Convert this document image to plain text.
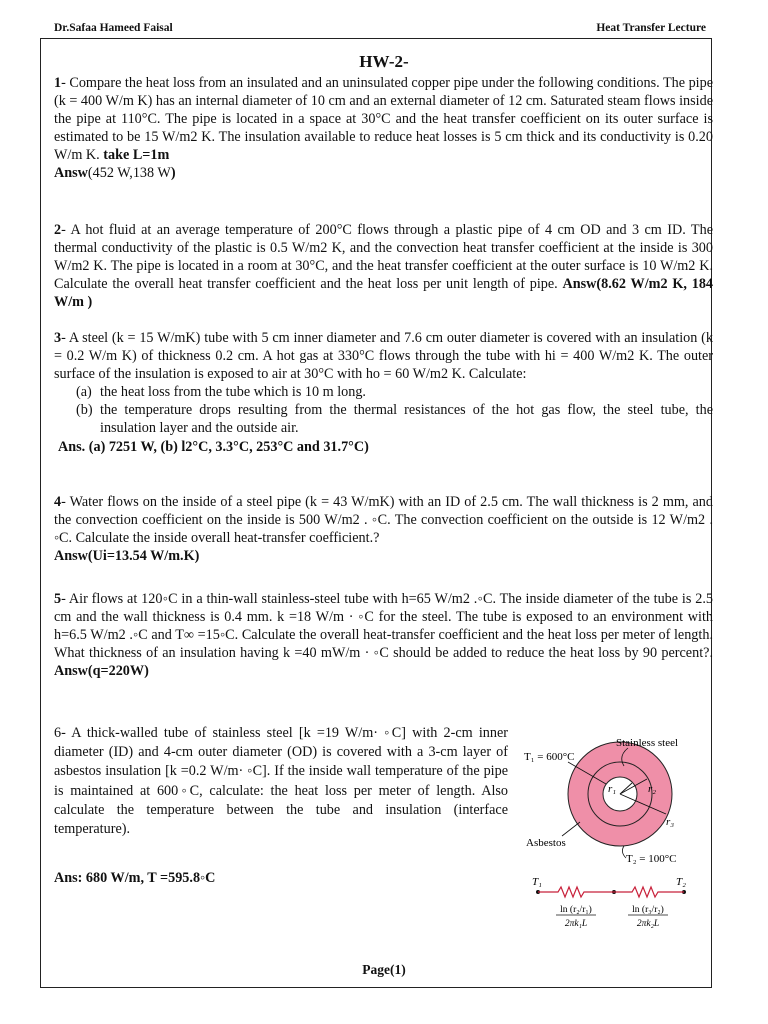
Dr.Safaa Hameed Faisal	Heat Transfer Lecture
HW-2-

1- Compare the heat loss from an insulated and an uninsulated copper pipe under the following conditions. The pipe (k = 400 W/m K) has an internal diameter of 10 cm and an external diameter of 12 cm. Saturated steam flows inside the pipe at 110°C. The pipe is located in a space at 30°C and the heat transfer coefficient on its outer surface is estimated to be 15 W/m2 K. The insulation available to reduce heat losses is 5 cm thick and its conductivity is 0.20 W/m K. take L=1m

Answ(452 W,138 W)

2- A hot fluid at an average temperature of 200°C flows through a plastic pipe of 4 cm OD and 3 cm ID. The thermal conductivity of the plastic is 0.5 W/m2 K, and the convection heat transfer coefficient at the inside is 300 W/m2 K. The pipe is located in a room at 30°C, and the heat transfer coefficient at the outer surface is 10 W/m2 K. Calculate the overall heat transfer coefficient and the heat loss per unit length of pipe. Answ(8.62 W/m2 K, 184 W/m )

3- A steel (k = 15 W/mK) tube with 5 cm inner diameter and 7.6 cm outer diameter is covered with an insulation (k = 0.2 W/m K) of thickness 0.2 cm. A hot gas at 330°C flows through the tube with hi = 400 W/m2 K. The outer surface of the insulation is exposed to air at 30°C with ho = 60 W/m2 K. Calculate:

(a) the heat loss from the tube which is 10 m long.

(b) the temperature drops resulting from the thermal resistances of the hot gas flow, the steel tube, the insulation layer and the outside air.

Ans. (a) 7251 W, (b) l2°C, 3.3°C, 253°C and 31.7°C)

4- Water flows on the inside of a steel pipe (k = 43 W/mK) with an ID of 2.5 cm. The wall thickness is 2 mm, and the convection coefficient on the inside is 500 W/m2 . ◦C. The convection coefficient on the outside is 12 W/m2 . ◦C. Calculate the inside overall heat-transfer coefficient.?

Answ(Ui=13.54 W/m.K)

5- Air flows at 120◦C in a thin-wall stainless-steel tube with h=65 W/m2 .◦C. The inside diameter of the tube is 2.5 cm and the wall thickness is 0.4 mm. k =18 W/m · ◦C for the steel. The tube is exposed to an environment with h=6.5 W/m2 .◦C and T∞ =15◦C. Calculate the overall heat-transfer coefficient and the heat loss per meter of length. What thickness of an insulation having k =40 mW/m · ◦C should be added to reduce the heat loss by 90 percent?. Answ(q=220W)

6- A thick-walled tube of stainless steel [k =19 W/m· ◦C] with 2-cm inner diameter (ID) and 4-cm outer diameter (OD) is covered with a 3-cm layer of asbestos insulation [k =0.2 W/m· ◦C]. If the inside wall temperature of the pipe is maintained at 600◦C, calculate: the heat loss per meter of length. Also calculate the temperature between the tube and insulation (interface temperature).
Ans: 680 W/m, T =595.8◦C
r₁	r₂
r₃
T₁ = 600°C
Stainless steel
Asbestos
T₂ = 100°C
T₁	T₂
ln (r₂/r₁)
2πk₁L
ln (r₃/r₂)
2πk₂L
Page(1)
